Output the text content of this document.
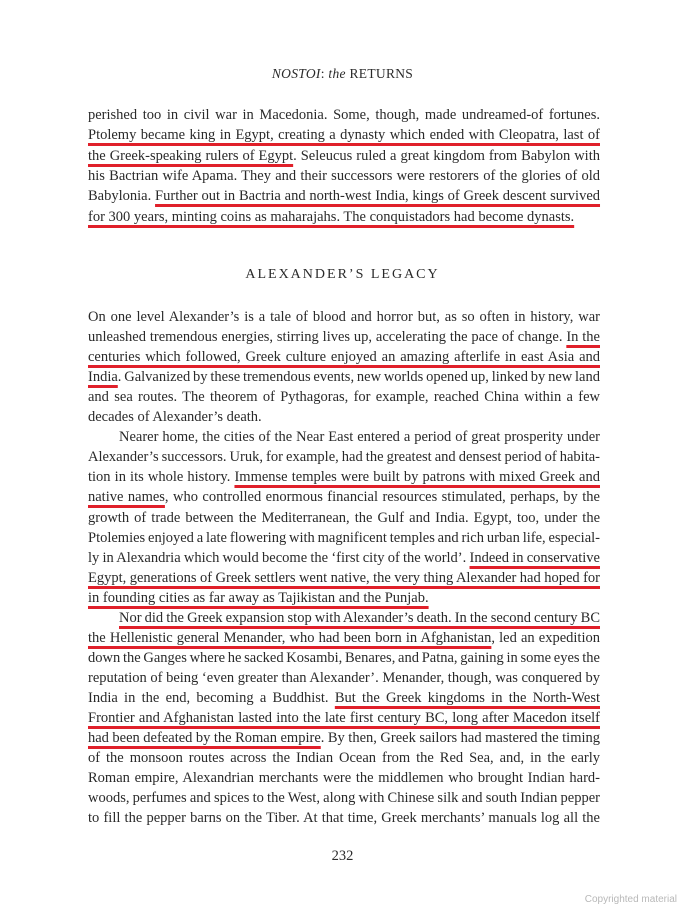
NOSTOI: the RETURNS
ALEXANDER’S LEGACY
perished too in civil war in Macedonia. Some, though, made undreamed-of fortunes.
Ptolemy became king in Egypt, creating a dynasty which ended with Cleopatra, last of
the Greek-speaking rulers of Egypt. Seleucus ruled a great kingdom from Babylon with
his Bactrian wife Apama. They and their successors were restorers of the glories of old
Babylonia. Further out in Bactria and north-west India, kings of Greek descent survived
for 300 years, minting coins as maharajahs. The conquistadors had become dynasts.
On one level Alexander’s is a tale of blood and horror but, as so often in history, war
unleashed tremendous energies, stirring lives up, accelerating the pace of change. In the
centuries which followed, Greek culture enjoyed an amazing afterlife in east Asia and
India. Galvanized by these tremendous events, new worlds opened up, linked by new land
and sea routes. The theorem of Pythagoras, for example, reached China within a few
decades of Alexander’s death.
Nearer home, the cities of the Near East entered a period of great prosperity under
Alexander’s successors. Uruk, for example, had the greatest and densest period of habita-
tion in its whole history. Immense temples were built by patrons with mixed Greek and
native names, who controlled enormous financial resources stimulated, perhaps, by the
growth of trade between the Mediterranean, the Gulf and India. Egypt, too, under the
Ptolemies enjoyed a late flowering with magnificent temples and rich urban life, especial-
ly in Alexandria which would become the ‘first city of the world’. Indeed in conservative
Egypt, generations of Greek settlers went native, the very thing Alexander had hoped for
in founding cities as far away as Tajikistan and the Punjab.
Nor did the Greek expansion stop with Alexander’s death. In the second century BC
the Hellenistic general Menander, who had been born in Afghanistan, led an expedition
down the Ganges where he sacked Kosambi, Benares, and Patna, gaining in some eyes the
reputation of being ‘even greater than Alexander’. Menander, though, was conquered by
India in the end, becoming a Buddhist. But the Greek kingdoms in the North-West
Frontier and Afghanistan lasted into the late first century BC, long after Macedon itself
had been defeated by the Roman empire. By then, Greek sailors had mastered the timing
of the monsoon routes across the Indian Ocean from the Red Sea, and, in the early
Roman empire, Alexandrian merchants were the middlemen who brought Indian hard-
woods, perfumes and spices to the West, along with Chinese silk and south Indian pepper
to fill the pepper barns on the Tiber. At that time, Greek merchants’ manuals log all the
232
Copyrighted material
